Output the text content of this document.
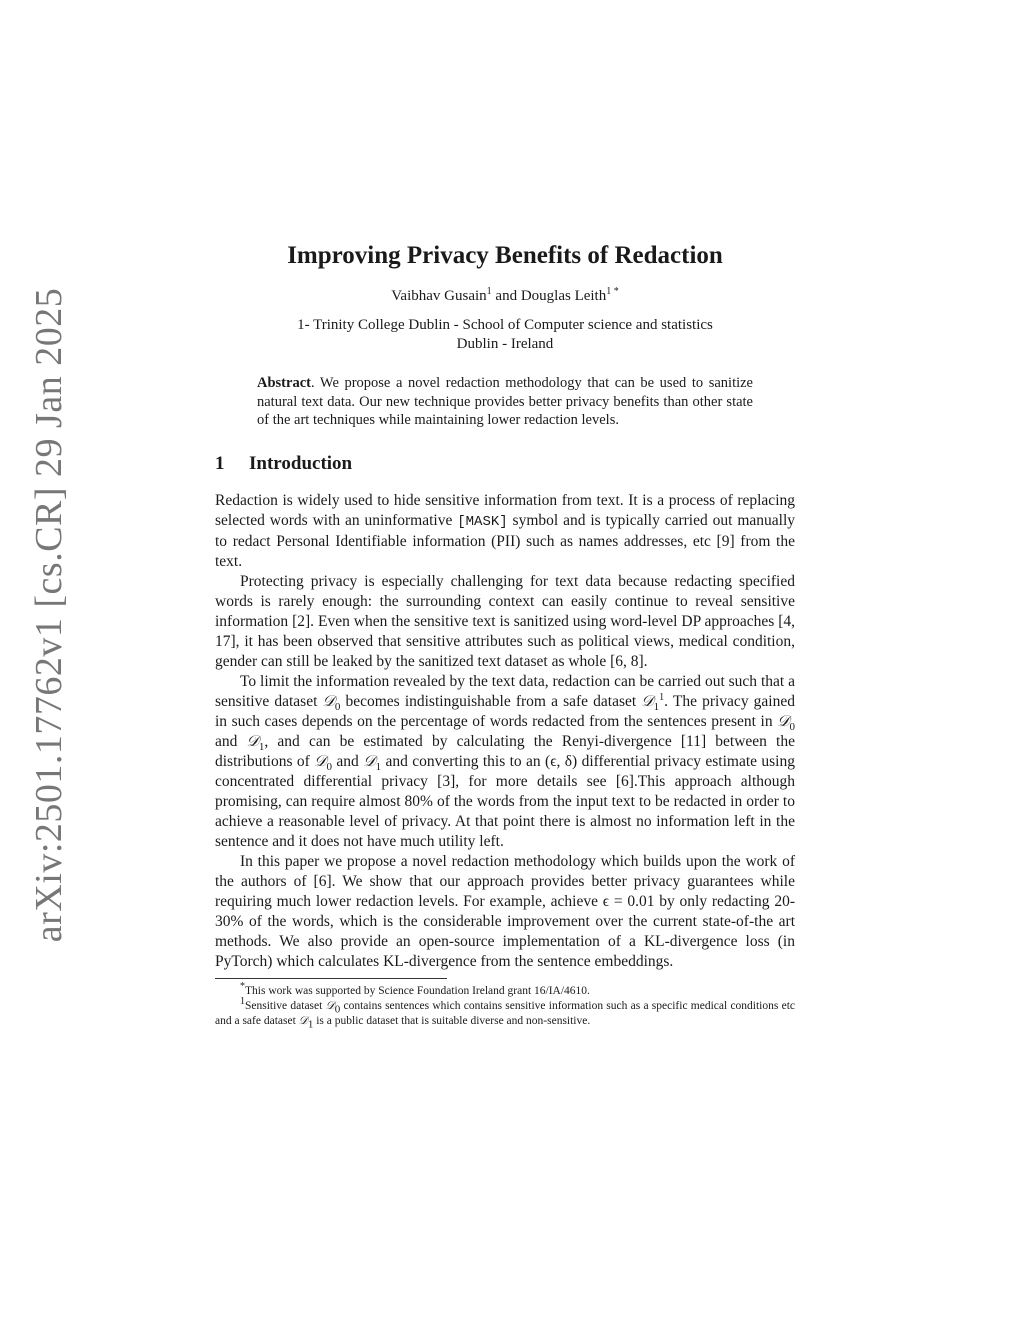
arXiv:2501.17762v1 [cs.CR] 29 Jan 2025
Improving Privacy Benefits of Redaction
Vaibhav Gusain$^1$ and Douglas Leith$^{1 *}$
1- Trinity College Dublin - School of Computer science and statistics
Dublin - Ireland
Abstract. We propose a novel redaction methodology that can be used to sanitize natural text data. Our new technique provides better privacy benefits than other state of the art techniques while maintaining lower redaction levels.
1 Introduction

Redaction is widely used to hide sensitive information from text. It is a process of replacing selected words with an uninformative [MASK] symbol and is typically carried out manually to redact Personal Identifiable information (PII) such as names addresses, etc [9] from the text.

Protecting privacy is especially challenging for text data because redacting specified words is rarely enough: the surrounding context can easily continue to reveal sensitive information [2]. Even when the sensitive text is sanitized using word-level DP approaches [4, 17], it has been observed that sensitive attributes such as political views, medical condition, gender can still be leaked by the sanitized text dataset as whole [6, 8].

To limit the information revealed by the text data, redaction can be carried out such that a sensitive dataset 𝒟$_0$ becomes indistinguishable from a safe dataset 𝒟$_1^1$. The privacy gained in such cases depends on the percentage of words redacted from the sentences present in 𝒟$_0$ and 𝒟$_1$, and can be estimated by calculating the Renyi-divergence [11] between the distributions of 𝒟$_0$ and 𝒟$_1$ and converting this to an (ϵ, δ) differential privacy estimate using concentrated differential privacy [3], for more details see [6].This approach although promising, can require almost 80% of the words from the input text to be redacted in order to achieve a reasonable level of privacy. At that point there is almost no information left in the sentence and it does not have much utility left.

In this paper we propose a novel redaction methodology which builds upon the work of the authors of [6]. We show that our approach provides better privacy guarantees while requiring much lower redaction levels. For example, achieve ϵ = 0.01 by only redacting 20-30% of the words, which is the considerable improvement over the current state-of-the art methods. We also provide an open-source implementation of a KL-divergence loss (in PyTorch) which calculates KL-divergence from the sentence embeddings.

*This work was supported by Science Foundation Ireland grant 16/IA/4610.

$^1$Sensitive dataset 𝒟$_0$ contains sentences which contains sensitive information such as a specific medical conditions etc and a safe dataset 𝒟$_1$ is a public dataset that is suitable diverse and non-sensitive.
